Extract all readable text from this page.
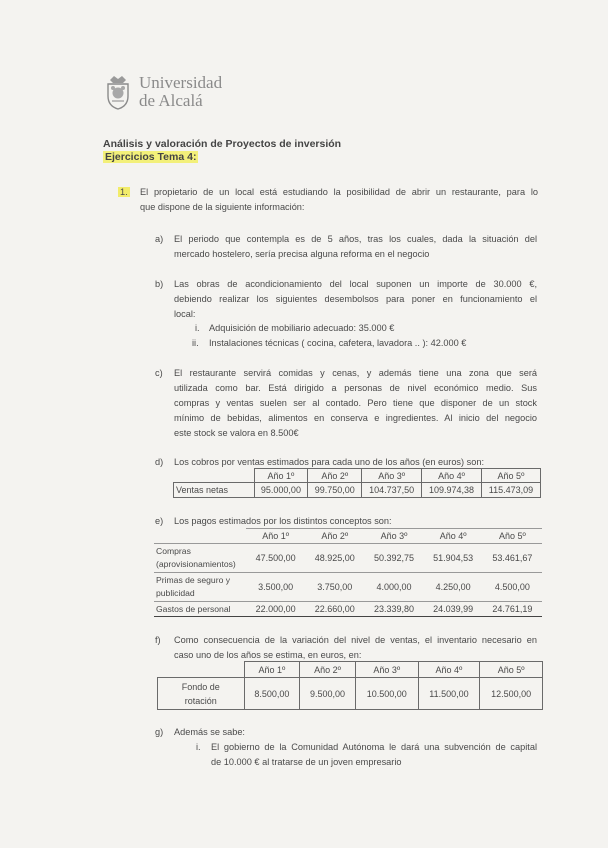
Universidad
de Alcalá
Análisis y valoración de Proyectos de inversión
Ejercicios Tema 4:
1. El propietario de un local está estudiando la posibilidad de abrir un restaurante, para lo
que dispone de la siguiente información:
a) El periodo que contempla es de 5 años, tras los cuales, dada la situación del
mercado hostelero, sería precisa alguna reforma en el negocio
b) Las obras de acondicionamiento del local suponen un importe de 30.000 €,
debiendo realizar los siguientes desembolsos para poner en funcionamiento el
local:
i. Adquisición de mobiliario adecuado: 35.000 €
ii. Instalaciones técnicas ( cocina, cafetera, lavadora .. ): 42.000 €
c) El restaurante servirá comidas y cenas, y además tiene una zona que será
utilizada como bar. Está dirigido a personas de nivel económico medio. Sus
compras y ventas suelen ser al contado. Pero tiene que disponer de un stock
mínimo de bebidas, alimentos en conserva e ingredientes. Al inicio del negocio
este stock se valora en 8.500€
d) Los cobros por ventas estimados para cada uno de los años (en euros) son:
	Año 1º	Año 2º	Año 3º	Año 4º	Año 5º
Ventas netas	95.000,00	99.750,00	104.737,50	109.974,38	115.473,09
e) Los pagos estimados por los distintos conceptos son:
	Año 1º	Año 2º	Año 3º	Año 4º	Año 5º
Compras
(aprovisionamientos)	47.500,00	48.925,00	50.392,75	51.904,53	53.461,67
Primas de seguro y
publicidad	3.500,00	3.750,00	4.000,00	4.250,00	4.500,00
Gastos de personal	22.000,00	22.660,00	23.339,80	24.039,99	24.761,19
f) Como consecuencia de la variación del nivel de ventas, el inventario necesario en
caso uno de los años se estima, en euros, en:
	Año 1º	Año 2º	Año 3º	Año 4º	Año 5º
Fondo de
rotación	8.500,00	9.500,00	10.500,00	11.500,00	12.500,00
g) Además se sabe:
i. El gobierno de la Comunidad Autónoma le dará una subvención de capital
de 10.000 € al tratarse de un joven empresario
